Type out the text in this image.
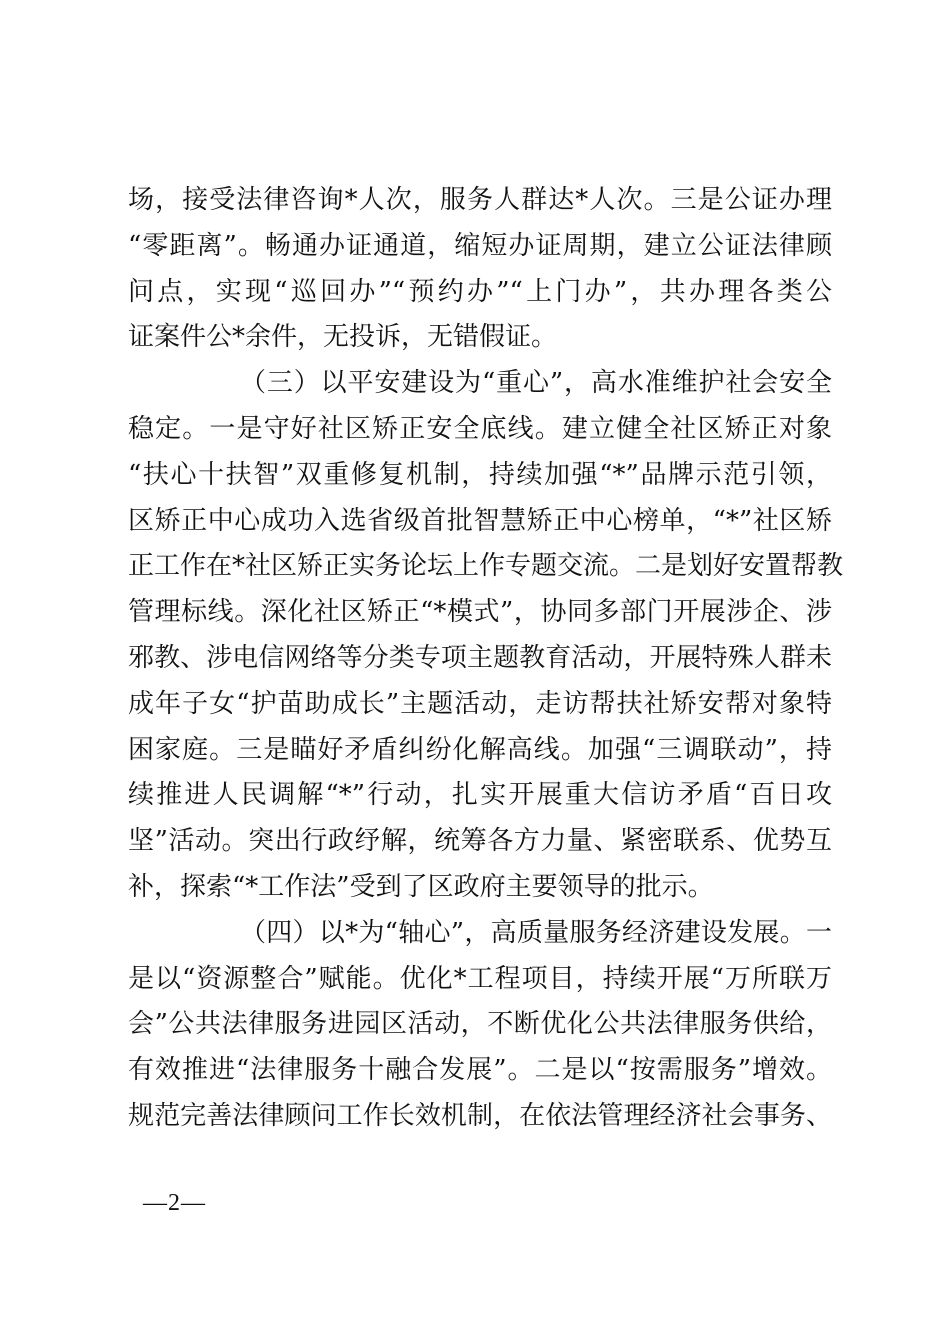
场，接受法律咨询*人次，服务人群达*人次。三是公证办理
“零距离”。畅通办证通道，缩短办证周期，建立公证法律顾
问点，实现“巡回办”“预约办”“上门办”，共办理各类公
证案件公*余件，无投诉，无错假证。
（三）以平安建设为“重心”，高水准维护社会安全
稳定。一是守好社区矫正安全底线。建立健全社区矫正对象
“扶心十扶智”双重修复机制，持续加强“*”品牌示范引领，
区矫正中心成功入选省级首批智慧矫正中心榜单，“*”社区矫
正工作在*社区矫正实务论坛上作专题交流。二是划好安置帮教
管理标线。深化社区矫正“*模式”，协同多部门开展涉企、涉
邪教、涉电信网络等分类专项主题教育活动，开展特殊人群未
成年子女“护苗助成长”主题活动，走访帮扶社矫安帮对象特
困家庭。三是瞄好矛盾纠纷化解高线。加强“三调联动”，持
续推进人民调解“*”行动，扎实开展重大信访矛盾“百日攻
坚”活动。突出行政纾解，统筹各方力量、紧密联系、优势互
补，探索“*工作法”受到了区政府主要领导的批示。
（四）以*为“轴心”，高质量服务经济建设发展。一
是以“资源整合”赋能。优化*工程项目，持续开展“万所联万
会”公共法律服务进园区活动，不断优化公共法律服务供给，
有效推进“法律服务十融合发展”。二是以“按需服务”增效。
规范完善法律顾问工作长效机制，在依法管理经济社会事务、
—2—
